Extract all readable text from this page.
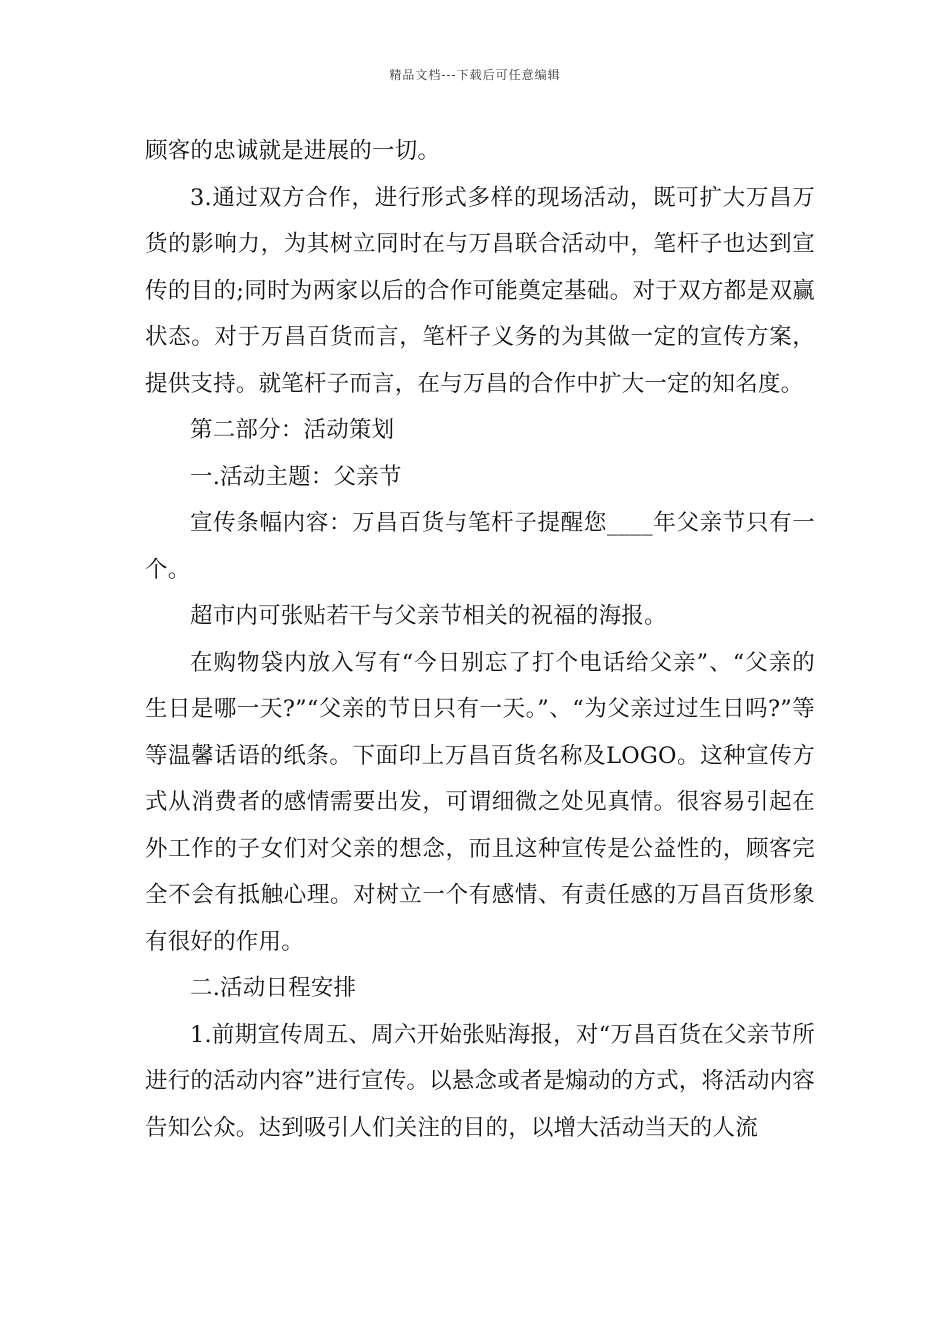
精品文档---下载后可任意编辑

顾客的忠诚就是进展的一切。

3.通过双方合作，进行形式多样的现场活动，既可扩大万昌万货的影响力，为其树立同时在与万昌联合活动中，笔杆子也达到宣传的目的;同时为两家以后的合作可能奠定基础。对于双方都是双赢状态。对于万昌百货而言，笔杆子义务的为其做一定的宣传方案，提供支持。就笔杆子而言，在与万昌的合作中扩大一定的知名度。

第二部分：活动策划

一.活动主题：父亲节

宣传条幅内容：万昌百货与笔杆子提醒您____年父亲节只有一个。

超市内可张贴若干与父亲节相关的祝福的海报。

在购物袋内放入写有“今日别忘了打个电话给父亲”、“父亲的生日是哪一天?”“父亲的节日只有一天。”、“为父亲过过生日吗?”等等温馨话语的纸条。下面印上万昌百货名称及LOGO。这种宣传方式从消费者的感情需要出发，可谓细微之处见真情。很容易引起在外工作的子女们对父亲的想念，而且这种宣传是公益性的，顾客完全不会有抵触心理。对树立一个有感情、有责任感的万昌百货形象有很好的作用。

二.活动日程安排

1.前期宣传周五、周六开始张贴海报，对“万昌百货在父亲节所进行的活动内容”进行宣传。以悬念或者是煽动的方式，将活动内容告知公众。达到吸引人们关注的目的，以增大活动当天的人流
